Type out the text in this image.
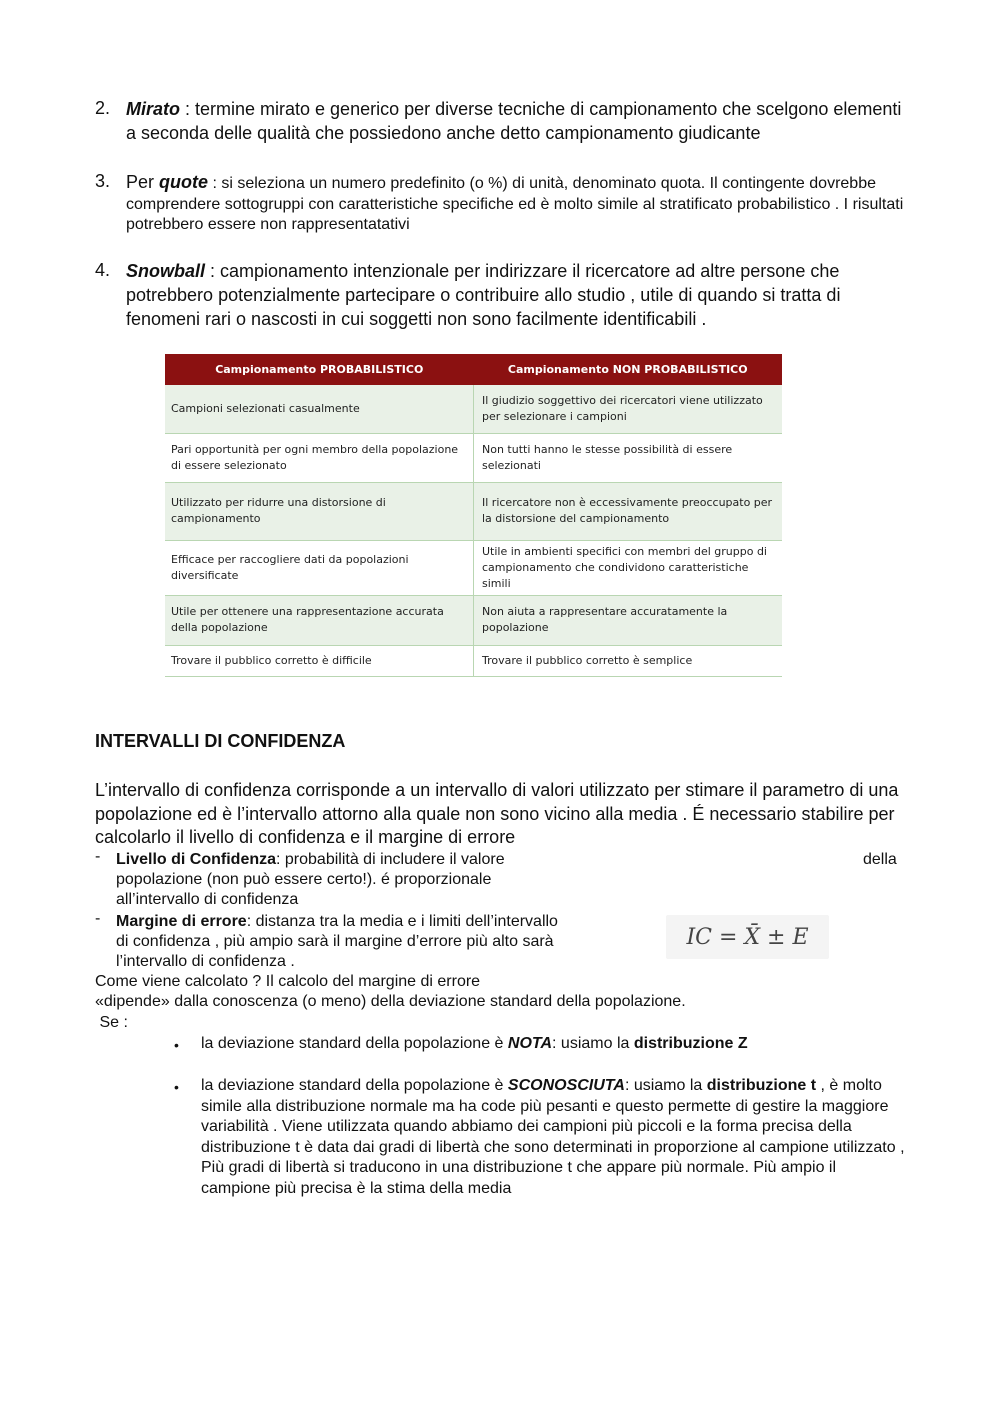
2. Mirato : termine mirato e generico per diverse tecniche di campionamento che scelgono elementi a seconda delle qualità che possiedono anche detto campionamento giudicante
3. Per quote : si seleziona un numero predefinito (o %) di unità, denominato quota. Il contingente dovrebbe comprendere sottogruppi con caratteristiche specifiche ed è molto simile al stratificato probabilistico . I risultati potrebbero essere non rappresentatativi
4. Snowball : campionamento intenzionale per indirizzare il ricercatore ad altre persone che potrebbero potenzialmente partecipare o contribuire allo studio , utile di quando si tratta di fenomeni rari o nascosti in cui soggetti non sono facilmente identificabili .
Campionamento PROBABILISTICO	Campionamento NON PROBABILISTICO
Campioni selezionati casualmente	Il giudizio soggettivo dei ricercatori viene utilizzato per selezionare i campioni
Pari opportunità per ogni membro della popolazione di essere selezionato	Non tutti hanno le stesse possibilità di essere selezionati
Utilizzato per ridurre una distorsione di campionamento	Il ricercatore non è eccessivamente preoccupato per la distorsione del campionamento
Efficace per raccogliere dati da popolazioni diversificate	Utile in ambienti specifici con membri del gruppo di campionamento che condividono caratteristiche simili
Utile per ottenere una rappresentazione accurata della popolazione	Non aiuta a rappresentare accuratamente la popolazione
Trovare il pubblico corretto è difficile	Trovare il pubblico corretto è semplice
INTERVALLI DI CONFIDENZA
L’intervallo di confidenza corrisponde a un intervallo di valori utilizzato per stimare il parametro di una popolazione ed è l’intervallo attorno alla quale non sono vicino alla media . É necessario stabilire per calcolarlo il livello di confidenza e il margine di errore
- Livello di Confidenza: probabilità di includere il valore popolazione (non può essere certo!). é proporzionale all’intervallo di confidenza
della
- Margine di errore: distanza tra la media e i limiti dell’intervallo di confidenza , più ampio sarà il margine d’errore più alto sarà l’intervallo di confidenza .
IC = X̄ ± E
Come viene calcolato ? Il calcolo del margine di errore
«dipende» dalla conoscenza (o meno) della deviazione standard della popolazione.
Se :
• la deviazione standard della popolazione è NOTA: usiamo la distribuzione Z
• la deviazione standard della popolazione è SCONOSCIUTA: usiamo la distribuzione t , è molto simile alla distribuzione normale ma ha code più pesanti e questo permette di gestire la maggiore variabilità . Viene utilizzata quando abbiamo dei campioni più piccoli e la forma precisa della distribuzione t è data dai gradi di libertà che sono determinati in proporzione al campione utilizzato , Più gradi di libertà si traducono in una distribuzione t che appare più normale. Più ampio il campione più precisa è la stima della media
